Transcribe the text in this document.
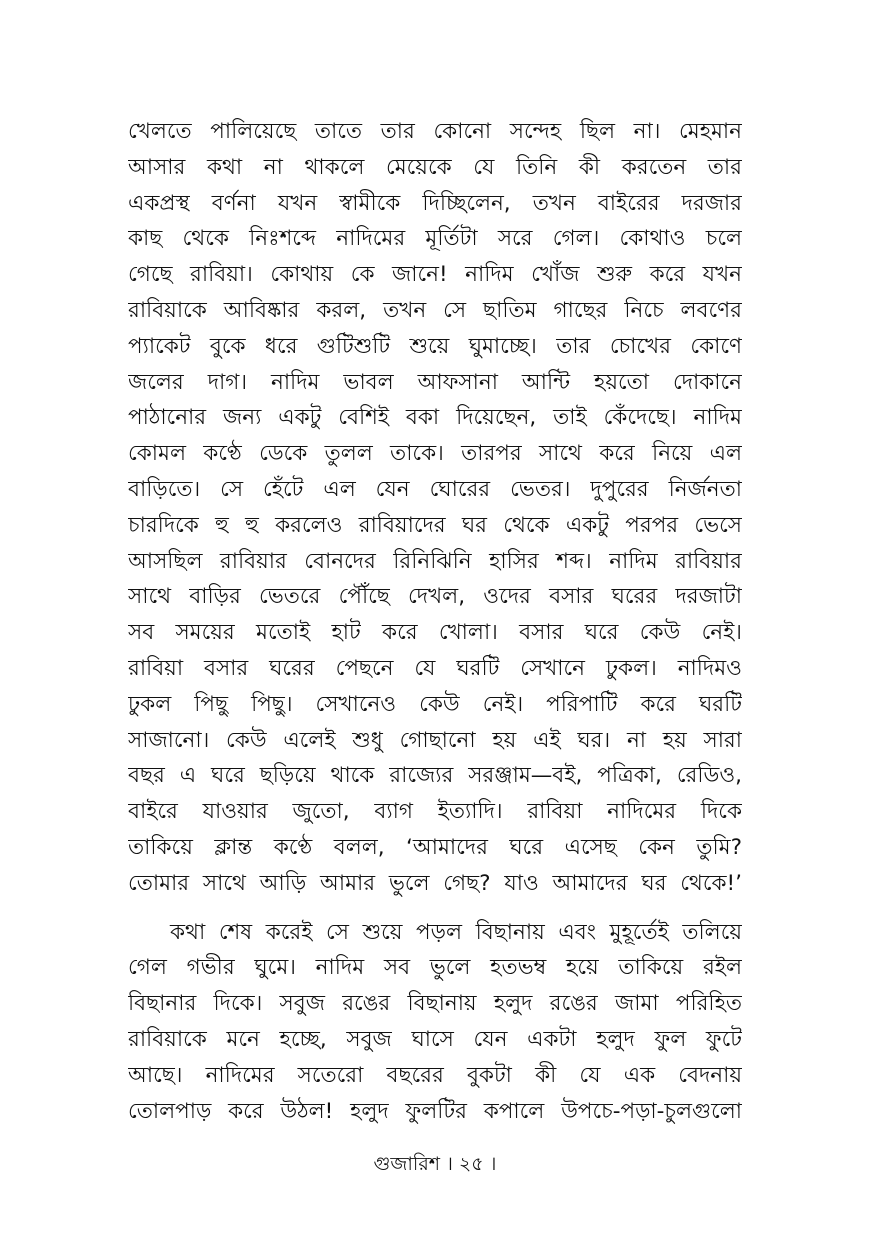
খেলতে পালিয়েছে তাতে তার কোনো সন্দেহ ছিল না। মেহমান
আসার কথা না থাকলে মেয়েকে যে তিনি কী করতেন তার
একপ্রস্থ বর্ণনা যখন স্বামীকে দিচ্ছিলেন, তখন বাইরের দরজার
কাছ থেকে নিঃশব্দে নাদিমের মূর্তিটা সরে গেল। কোথাও চলে
গেছে রাবিয়া। কোথায় কে জানে! নাদিম খোঁজ শুরু করে যখন
রাবিয়াকে আবিষ্কার করল, তখন সে ছাতিম গাছের নিচে লবণের
প্যাকেট বুকে ধরে গুটিশুটি শুয়ে ঘুমাচ্ছে। তার চোখের কোণে
জলের দাগ। নাদিম ভাবল আফসানা আন্টি হয়তো দোকানে
পাঠানোর জন্য একটু বেশিই বকা দিয়েছেন, তাই কেঁদেছে। নাদিম
কোমল কণ্ঠে ডেকে তুলল তাকে। তারপর সাথে করে নিয়ে এল
বাড়িতে। সে হেঁটে এল যেন ঘোরের ভেতর। দুপুরের নির্জনতা
চারদিকে হু হু করলেও রাবিয়াদের ঘর থেকে একটু পরপর ভেসে
আসছিল রাবিয়ার বোনদের রিনিঝিনি হাসির শব্দ। নাদিম রাবিয়ার
সাথে বাড়ির ভেতরে পৌঁছে দেখল, ওদের বসার ঘরের দরজাটা
সব সময়ের মতোই হাট করে খোলা। বসার ঘরে কেউ নেই।
রাবিয়া বসার ঘরের পেছনে যে ঘরটি সেখানে ঢুকল। নাদিমও
ঢুকল পিছু পিছু। সেখানেও কেউ নেই। পরিপাটি করে ঘরটি
সাজানো। কেউ এলেই শুধু গোছানো হয় এই ঘর। না হয় সারা
বছর এ ঘরে ছড়িয়ে থাকে রাজ্যের সরঞ্জাম—বই, পত্রিকা, রেডিও,
বাইরে যাওয়ার জুতো, ব্যাগ ইত্যাদি। রাবিয়া নাদিমের দিকে
তাকিয়ে ক্লান্ত কণ্ঠে বলল, ‘আমাদের ঘরে এসেছ কেন তুমি?
তোমার সাথে আড়ি আমার ভুলে গেছ? যাও আমাদের ঘর থেকে!’

কথা শেষ করেই সে শুয়ে পড়ল বিছানায় এবং মুহূর্তেই তলিয়ে
গেল গভীর ঘুমে। নাদিম সব ভুলে হতভম্ব হয়ে তাকিয়ে রইল
বিছানার দিকে। সবুজ রঙের বিছানায় হলুদ রঙের জামা পরিহিত
রাবিয়াকে মনে হচ্ছে, সবুজ ঘাসে যেন একটা হলুদ ফুল ফুটে
আছে। নাদিমের সতেরো বছরের বুকটা কী যে এক বেদনায়
তোলপাড় করে উঠল! হলুদ ফুলটির কপালে উপচে-পড়া-চুলগুলো

গুজারিশ । ২৫ ।
